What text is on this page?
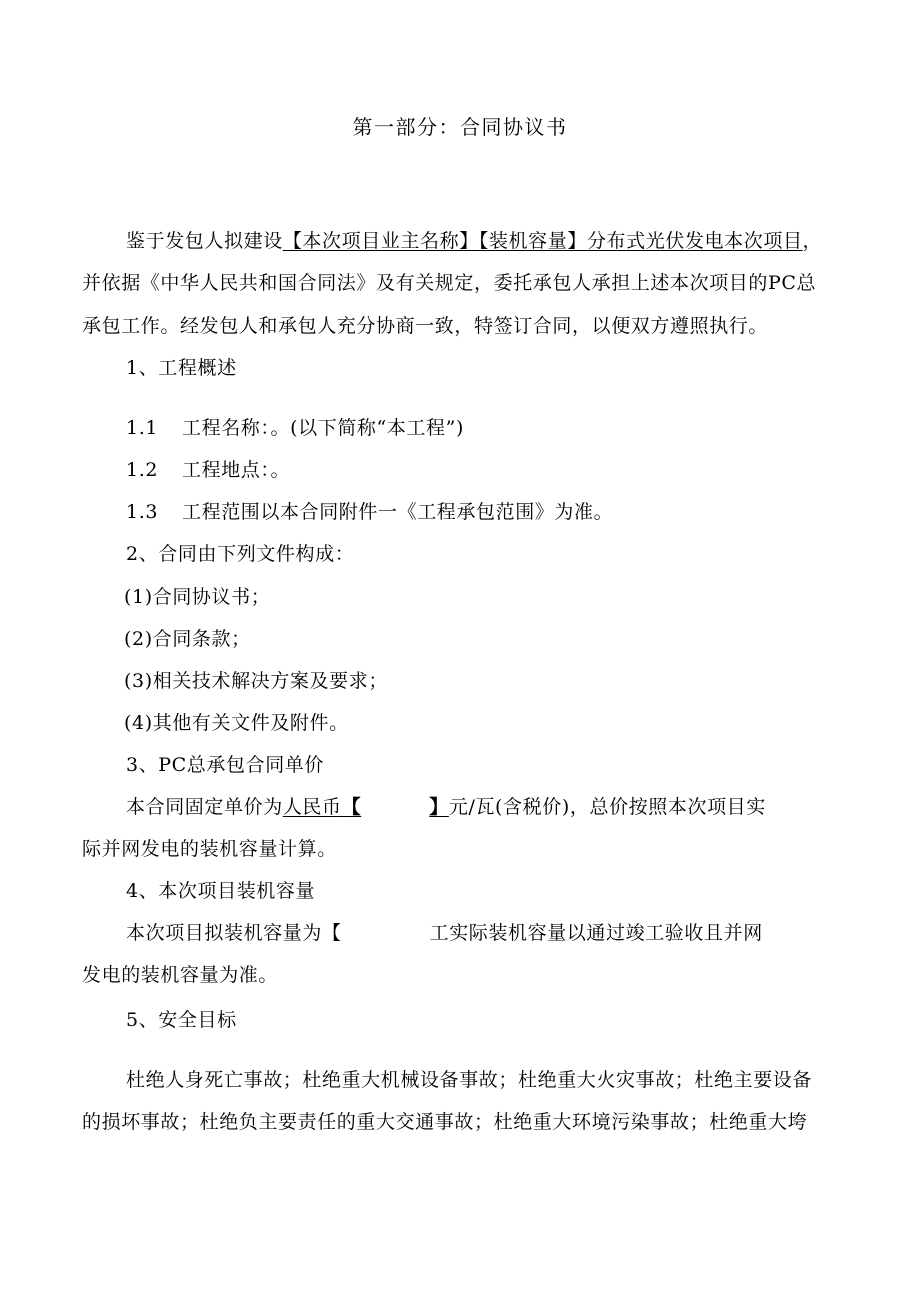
第一部分：合同协议书
鉴于发包人拟建设【本次项目业主名称】【装机容量】分布式光伏发电本次项目，
并依据《中华人民共和国合同法》及有关规定，委托承包人承担上述本次项目的PC总
承包工作。经发包人和承包人充分协商一致，特签订合同，以便双方遵照执行。
1、工程概述
1.1 工程名称：。(以下简称“本工程”)
1.2 工程地点：。
1.3 工程范围以本合同附件一《工程承包范围》为准。
2、合同由下列文件构成：
(1)合同协议书；
(2)合同条款；
(3)相关技术解决方案及要求；
(4)其他有关文件及附件。
3、PC总承包合同单价
本合同固定单价为人民币【	】元/瓦(含税价)，总价按照本次项目实
际并网发电的装机容量计算。
4、本次项目装机容量
本次项目拟装机容量为【	工实际装机容量以通过竣工验收且并网
发电的装机容量为准。
5、安全目标
杜绝人身死亡事故；杜绝重大机械设备事故；杜绝重大火灾事故；杜绝主要设备
的损坏事故；杜绝负主要责任的重大交通事故；杜绝重大环境污染事故；杜绝重大垮
